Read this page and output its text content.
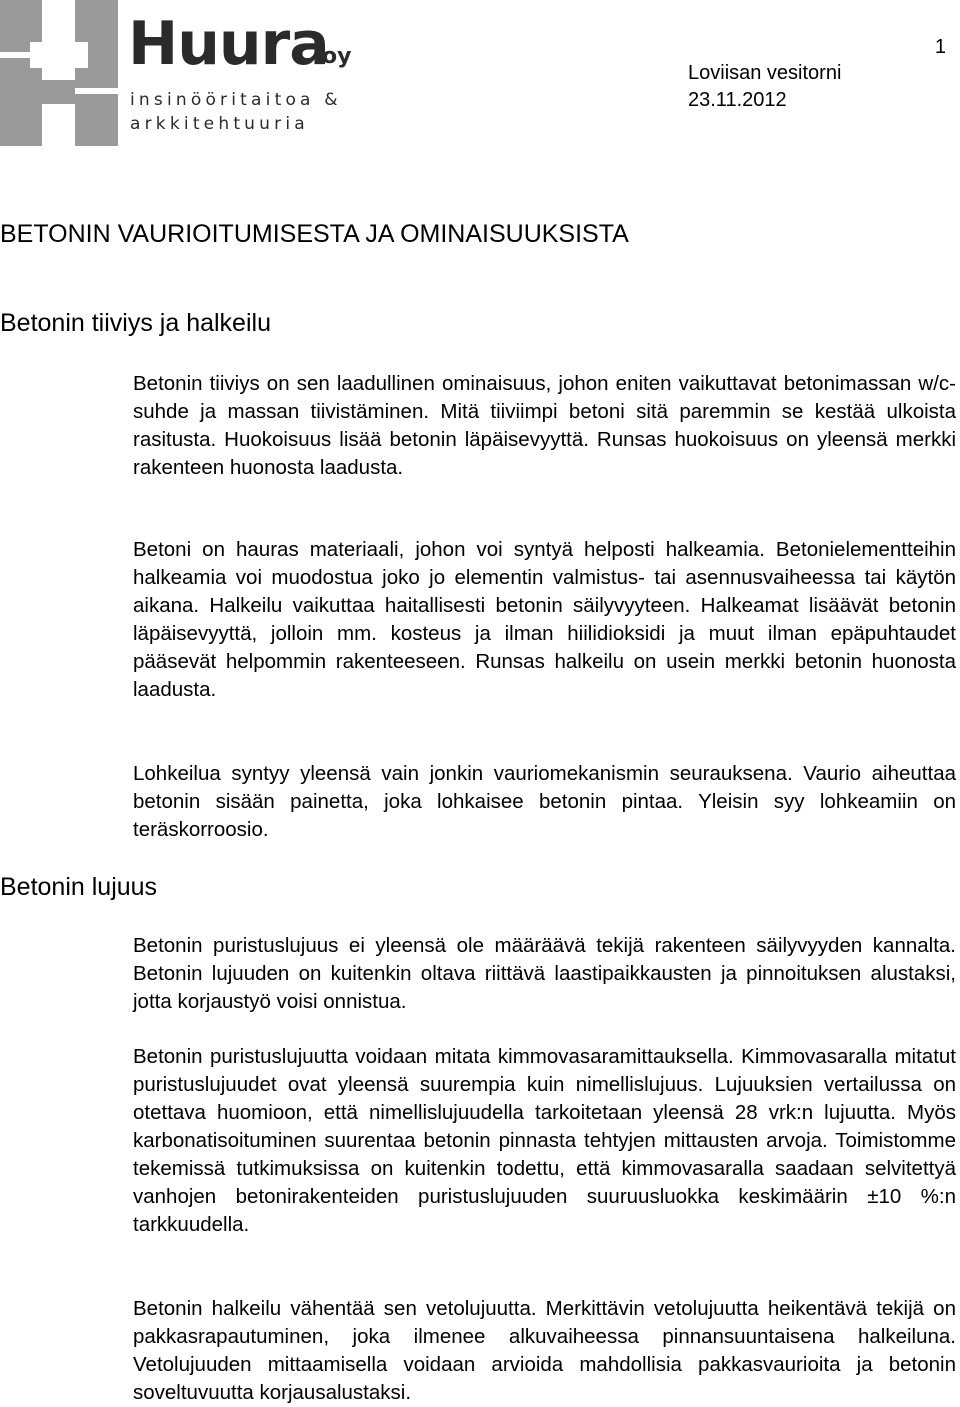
Huura
oy
insinööritaitoa &
arkkitehtuuria
1
Loviisan vesitorni
23.11.2012
BETONIN VAURIOITUMISESTA JA OMINAISUUKSISTA
Betonin tiiviys ja halkeilu

Betonin tiiviys on sen laadullinen ominaisuus, johon eniten vaikuttavat betonimassan w/c-suhde ja massan tiivistäminen. Mitä tiiviimpi betoni sitä paremmin se kestää ulkoista rasitusta. Huokoisuus lisää betonin läpäisevyyttä. Runsas huokoisuus on yleensä merkki rakenteen huonosta laadusta.

Betoni on hauras materiaali, johon voi syntyä helposti halkeamia. Betonielementteihin halkeamia voi muodostua joko jo elementin valmistus- tai asennusvaiheessa tai käytön aikana. Halkeilu vaikuttaa haitallisesti betonin säilyvyyteen. Halkeamat lisäävät betonin läpäisevyyttä, jolloin mm. kosteus ja ilman hiilidioksidi ja muut ilman epäpuhtaudet pääsevät helpommin rakenteeseen. Runsas halkeilu on usein merkki betonin huonosta laadusta.

Lohkeilua syntyy yleensä vain jonkin vauriomekanismin seurauksena. Vaurio aiheuttaa betonin sisään painetta, joka lohkaisee betonin pintaa. Yleisin syy lohkeamiin on teräskorroosio.

Betonin lujuus

Betonin puristuslujuus ei yleensä ole määräävä tekijä rakenteen säilyvyyden kannalta. Betonin lujuuden on kuitenkin oltava riittävä laastipaikkausten ja pinnoituksen alustaksi, jotta korjaustyö voisi onnistua.

Betonin puristuslujuutta voidaan mitata kimmovasaramittauksella. Kimmovasaralla mitatut puristuslujuudet ovat yleensä suurempia kuin nimellislujuus. Lujuuksien vertailussa on otettava huomioon, että nimellislujuudella tarkoitetaan yleensä 28 vrk:n lujuutta. Myös karbonatisoituminen suurentaa betonin pinnasta tehtyjen mittausten arvoja. Toimistomme tekemissä tutkimuksissa on kuitenkin todettu, että kimmovasaralla saadaan selvitettyä vanhojen betonirakenteiden puristuslujuuden suuruusluokka keskimäärin ±10 %:n tarkkuudella.

Betonin halkeilu vähentää sen vetolujuutta. Merkittävin vetolujuutta heikentävä tekijä on pakkasrapautuminen, joka ilmenee alkuvaiheessa pinnansuuntaisena halkeiluna. Vetolujuuden mittaamisella voidaan arvioida mahdollisia pakkasvaurioita ja betonin soveltuvuutta korjausalustaksi.
